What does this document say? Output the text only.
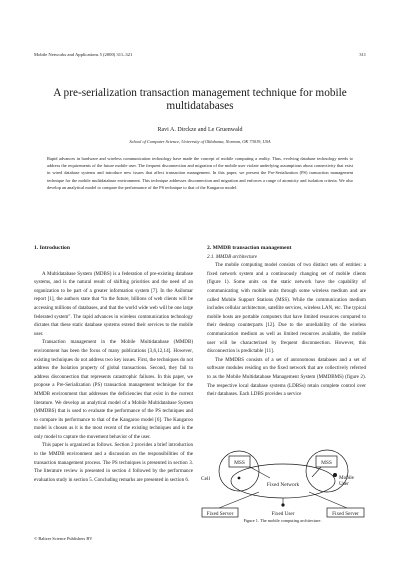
Mobile Networks and Applications 5 (2000) 311–321	311
A pre-serialization transaction management technique for mobile multidatabases
Ravi A. Dirckze and Le Gruenwald
School of Computer Science, University of Oklahoma, Norman, OK 73019, USA

Rapid advances in hardware and wireless communication technology have made the concept of mobile computing a reality. Thus, evolving database technology needs to address the requirements of the future mobile user. The frequent disconnection and migration of the mobile user violate underlying assumptions about connectivity that exist in wired database systems and introduce new issues that affect transaction management. In this paper, we present the Pre-Serialization (PS) transaction management technique for the mobile multidatabase environment. This technique addresses disconnection and migration and enforces a range of atomicity and isolation criteria. We also develop an analytical model to compare the performance of the PS technique to that of the Kangaroo model.

1. Introduction

A Multidatabase System (MDBS) is a federation of pre-existing database systems, and is the natural result of shifting priorities and the need of an organization to be part of a greater information system [7]. In the Asilomar report [1], the authors state that “in the future, billions of web clients will be accessing millions of databases, and that the world wide web will be one large federated system”. The rapid advances in wireless communication technology dictates that these static database systems extend their services to the mobile user.

Transaction management in the Mobile Multidatabase (MMDB) environment has been the focus of many publications [3,6,12,14]. However, existing techniques do not address two key issues. First, the techniques do not address the Isolation property of global transactions. Second, they fail to address disconnection that represents catastrophic failures. In this paper, we propose a Pre-Serialization (PS) transaction management technique for the MMDB environment that addresses the deficiencies that exist in the current literature. We develop an analytical model of a Mobile Multidatabase System (MMDBS) that is used to evaluate the performance of the PS techniques and to compare its performance to that of the Kangaroo model [6]. The Kangaroo model is chosen as it is the most recent of the existing techniques and is the only model to capture the movement behavior of the user.

This paper is organized as follows. Section 2 provides a brief introduction to the MMDB environment and a discussion on the responsibilities of the transaction management process. The PS techniques is presented in section 3. The literature review is presented in section 4 followed by the performance evaluation study in section 5. Concluding remarks are presented in section 6.

2. MMDB transaction management

2.1. MMDB architecture

The mobile computing model consists of two distinct sets of entities: a fixed network system and a continuously changing set of mobile clients (figure 1). Some units on the static network have the capability of communicating with mobile units through some wireless medium and are called Mobile Support Stations (MSS). While the communication medium includes cellular architecture, satellite services, wireless LAN, etc. The typical mobile hosts are portable computers that have limited resources compared to their desktop counterparts [12]. Due to the unreliability of the wireless communication medium as well as limited resources available, the mobile user will be characterized by frequent disconnection. However, this disconnection is predictable [11].

The MMDBS consists of a set of autonomous databases and a set of software modules residing on the fixed network that are collectively referred to as the Mobile Multidatabase Management System (MMDBMS) (figure 2). The respective local database systems (LDBSs) retain complete control over their databases. Each LDBS provides a service

MSS	MSS
Cell	Mobile User
Fixed Network
Fixed Server	Fixed User	Fixed Server
Figure 1. The mobile computing architecture.
© Baltzer Science Publishers BV
